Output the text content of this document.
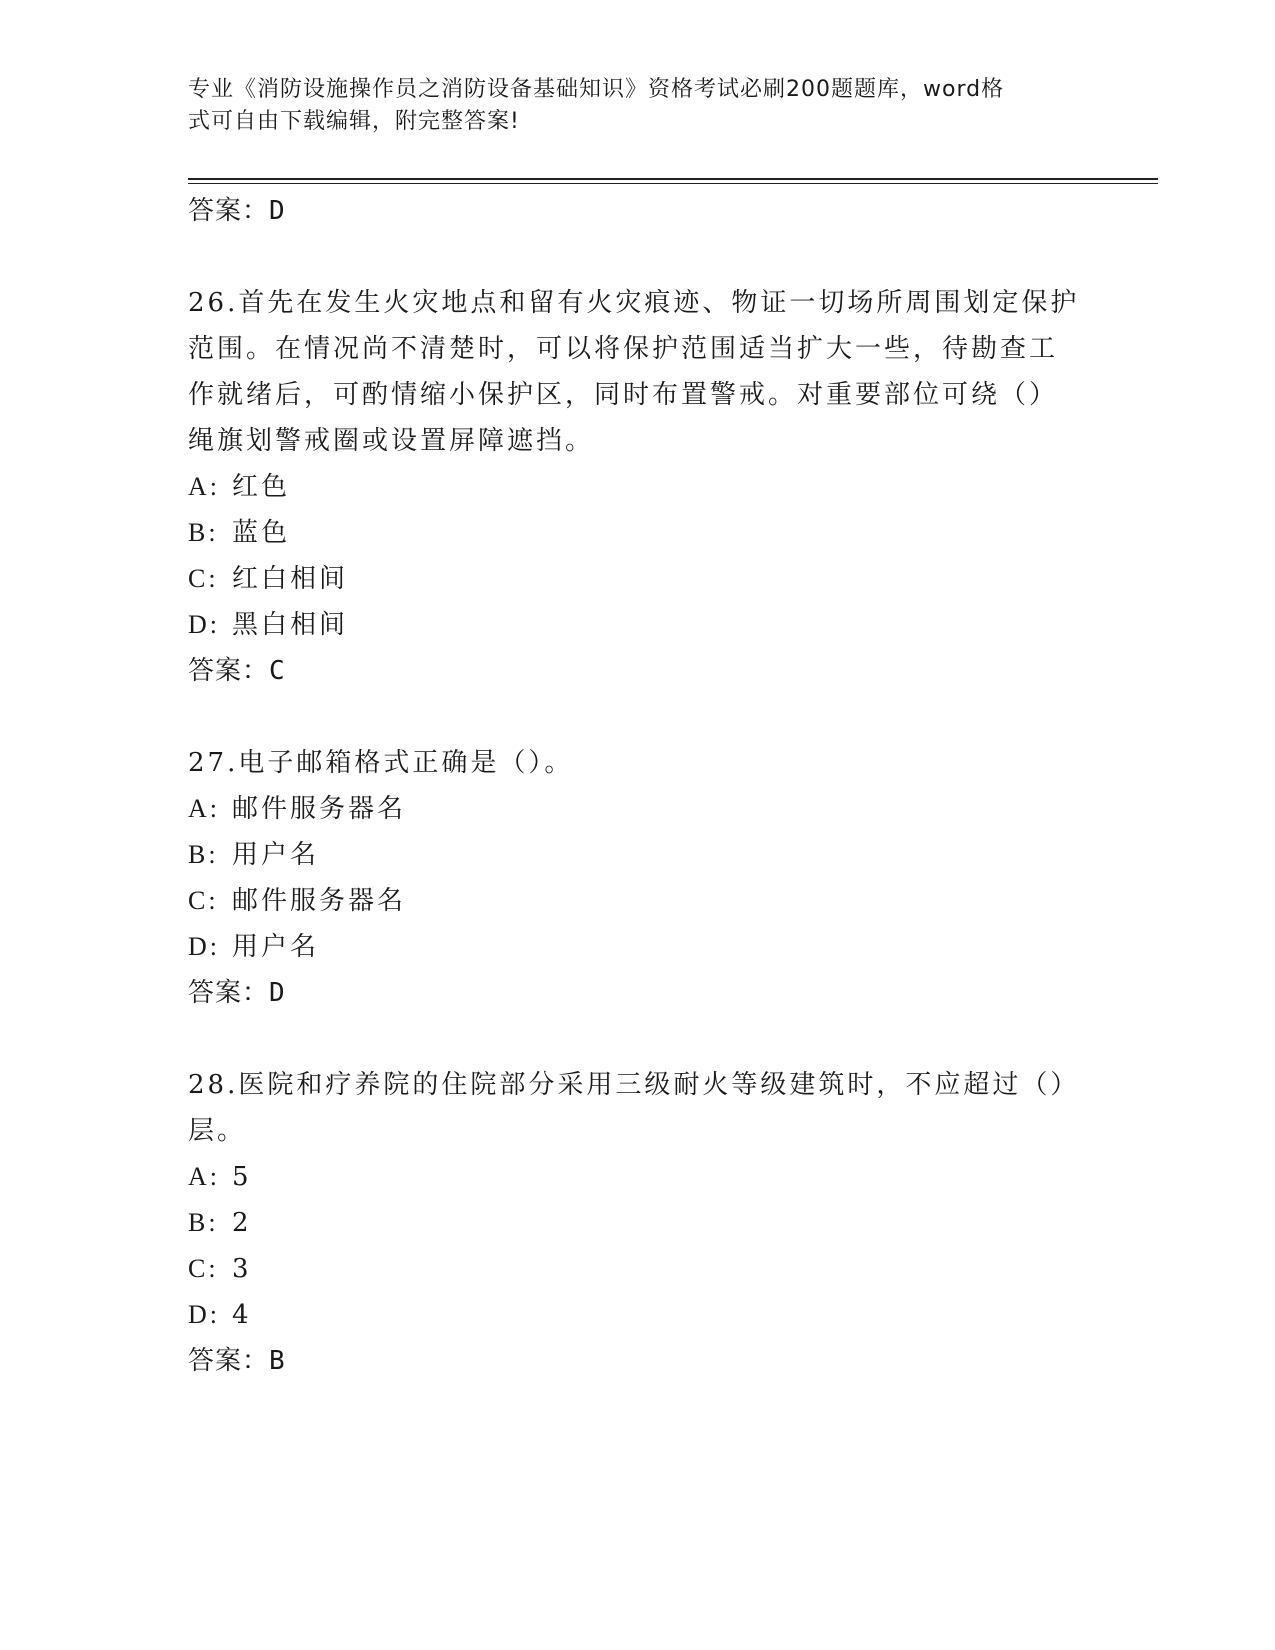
专业《消防设施操作员之消防设备基础知识》资格考试必刷200题题库，word格
式可自由下载编辑，附完整答案!

答案：D

26.首先在发生火灾地点和留有火灾痕迹、物证一切场所周围划定保护

范围。在情况尚不清楚时，可以将保护范围适当扩大一些，待勘查工

作就绪后，可酌情缩小保护区，同时布置警戒。对重要部位可绕（）

绳旗划警戒圈或设置屏障遮挡。

A: 红色

B: 蓝色

C: 红白相间

D: 黑白相间

答案：C

27.电子邮箱格式正确是（）。

A: 邮件服务器名

B: 用户名

C: 邮件服务器名

D: 用户名

答案：D

28.医院和疗养院的住院部分采用三级耐火等级建筑时，不应超过（）

层。

A: 5

B: 2

C: 3

D: 4

答案：B
